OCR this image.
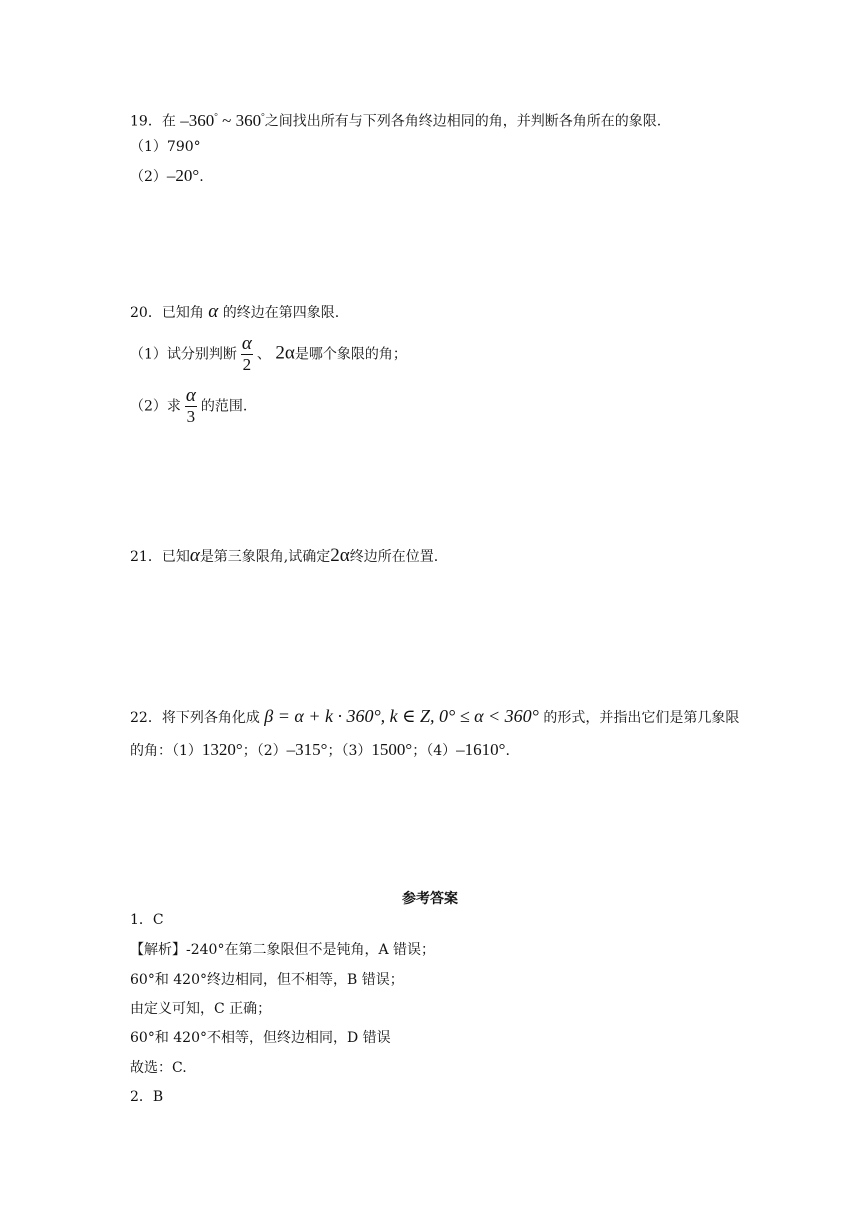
19．在 –360° ~ 360°之间找出所有与下列各角终边相同的角，并判断各角所在的象限.
（1）790°
（2）–20°.
20．已知角 α 的终边在第四象限.
（1）试分别判断 $\frac{\alpha}{2}$ 、 2α是哪个象限的角；
（2）求 $\frac{\alpha}{3}$ 的范围.
21．已知α是第三象限角,试确定2α终边所在位置.
22．将下列各角化成 β = α + k · 360°, k ∈ Z, 0° ≤ α < 360° 的形式，并指出它们是第几象限
的角：（1）1320°；（2）–315°；（3）1500°；（4）–1610°.
参考答案
1．C
【解析】-240°在第二象限但不是钝角，A 错误；
60°和 420°终边相同，但不相等，B 错误；
由定义可知，C 正确；
60°和 420°不相等，但终边相同，D 错误
故选：C.
2．B
